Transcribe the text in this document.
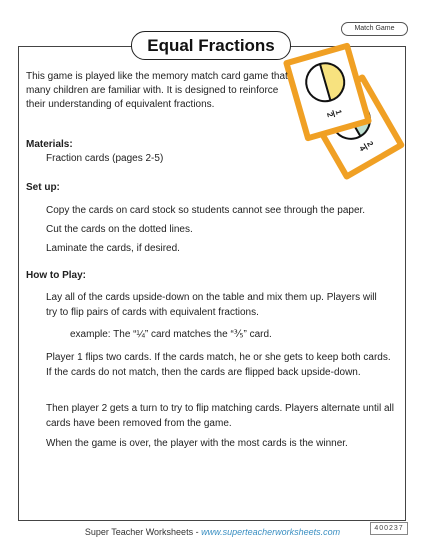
Match Game
Equal Fractions
2
4
1
2
This game is played like the memory match card game that many children are familiar with. It is designed to reinforce their understanding of equivalent fractions.
Materials:
Fraction cards (pages 2-5)
Set up:
Copy the cards on card stock so students cannot see through the paper.
Cut the cards on the dotted lines.
Laminate the cards, if desired.
How to Play:
Lay all of the cards upside-down on the table and mix them up. Players will try to flip pairs of cards with equivalent fractions.
example: The “¼” card matches the “⅗” card.
Player 1 flips two cards. If the cards match, he or she gets to keep both cards. If the cards do not match, then the cards are flipped back upside-down.
Then player 2 gets a turn to try to flip matching cards. Players alternate until all cards have been removed from the game.
When the game is over, the player with the most cards is the winner.
Super Teacher Worksheets - www.superteacherworksheets.com	400237
